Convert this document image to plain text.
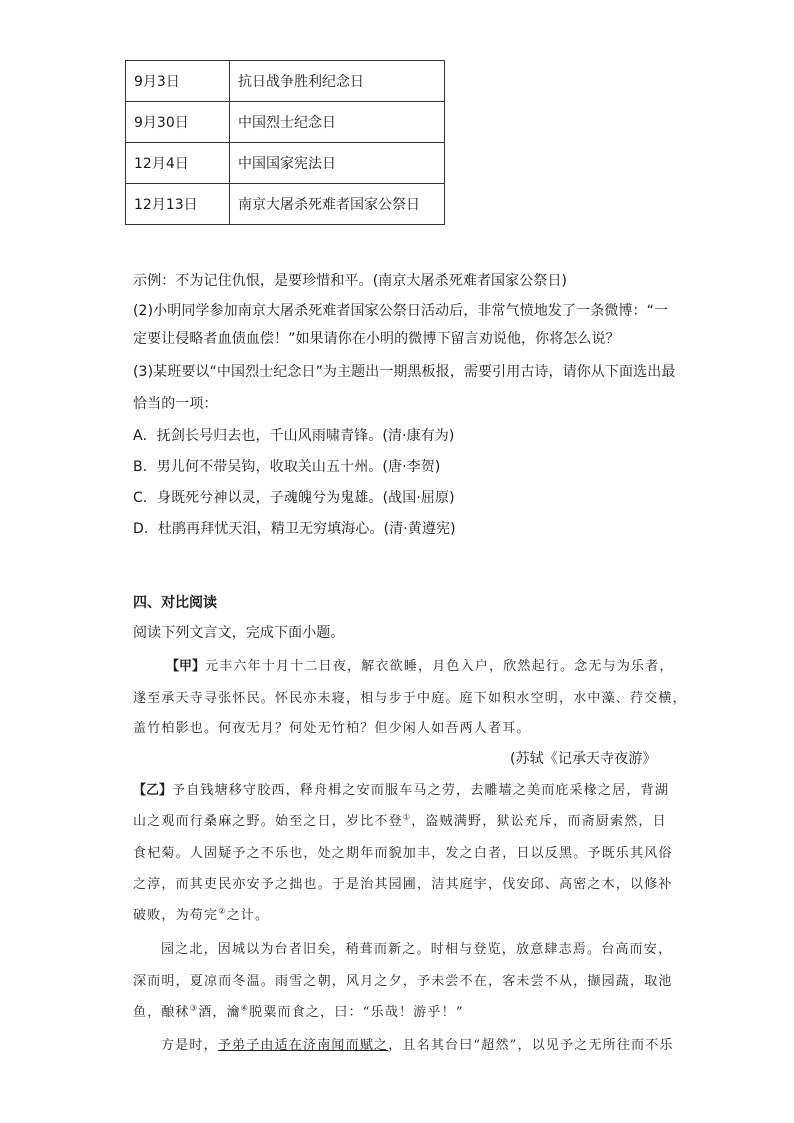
9月3日	抗日战争胜利纪念日
9月30日	中国烈士纪念日
12月4日	中国国家宪法日
12月13日	南京大屠杀死难者国家公祭日
示例：不为记住仇恨，是要珍惜和平。(南京大屠杀死难者国家公祭日)
(2)小明同学参加南京大屠杀死难者国家公祭日活动后，非常气愤地发了一条微博：“一
定要让侵略者血债血偿！”如果请你在小明的微博下留言劝说他，你将怎么说？
(3)某班要以“中国烈士纪念日”为主题出一期黑板报，需要引用古诗，请你从下面选出最
恰当的一项：
A．抚剑长号归去也，千山风雨啸青锋。(清·康有为)
B．男儿何不带吴钩，收取关山五十州。(唐·李贺)
C．身既死兮神以灵，子魂魄兮为鬼雄。(战国·屈原)
D．杜鹃再拜忧天泪，精卫无穷填海心。(清·黄遵宪)
四、对比阅读
阅读下列文言文，完成下面小题。
【甲】元丰六年十月十二日夜，解衣欲睡，月色入户，欣然起行。念无与为乐者，
遂至承天寺寻张怀民。怀民亦未寝，相与步于中庭。庭下如积水空明，水中藻、荇交横，
盖竹柏影也。何夜无月？何处无竹柏？但少闲人如吾两人者耳。
(苏轼《记承天寺夜游》
【乙】予自钱塘移守胶西，释舟楫之安而服车马之劳，去雕墙之美而庇采椽之居，背湖
山之观而行桑麻之野。始至之日，岁比不登①，盗贼满野，狱讼充斥，而斋厨索然，日
食杞菊。人固疑予之不乐也，处之期年而貌加丰，发之白者，日以反黑。予既乐其风俗
之淳，而其吏民亦安予之拙也。于是治其园圃，洁其庭宇，伐安邱、高密之木，以修补
破败，为苟完②之计。
园之北，因城以为台者旧矣，稍葺而新之。时相与登览，放意肆志焉。台高而安，
深而明，夏凉而冬温。雨雪之朝，风月之夕，予未尝不在，客未尝不从，撷园蔬，取池
鱼，酿秫③酒，瀹④脱粟而食之，曰：“乐哉！游乎！”
方是时，予弟子由适在济南闻而赋之，且名其台曰“超然”，以见予之无所往而不乐
